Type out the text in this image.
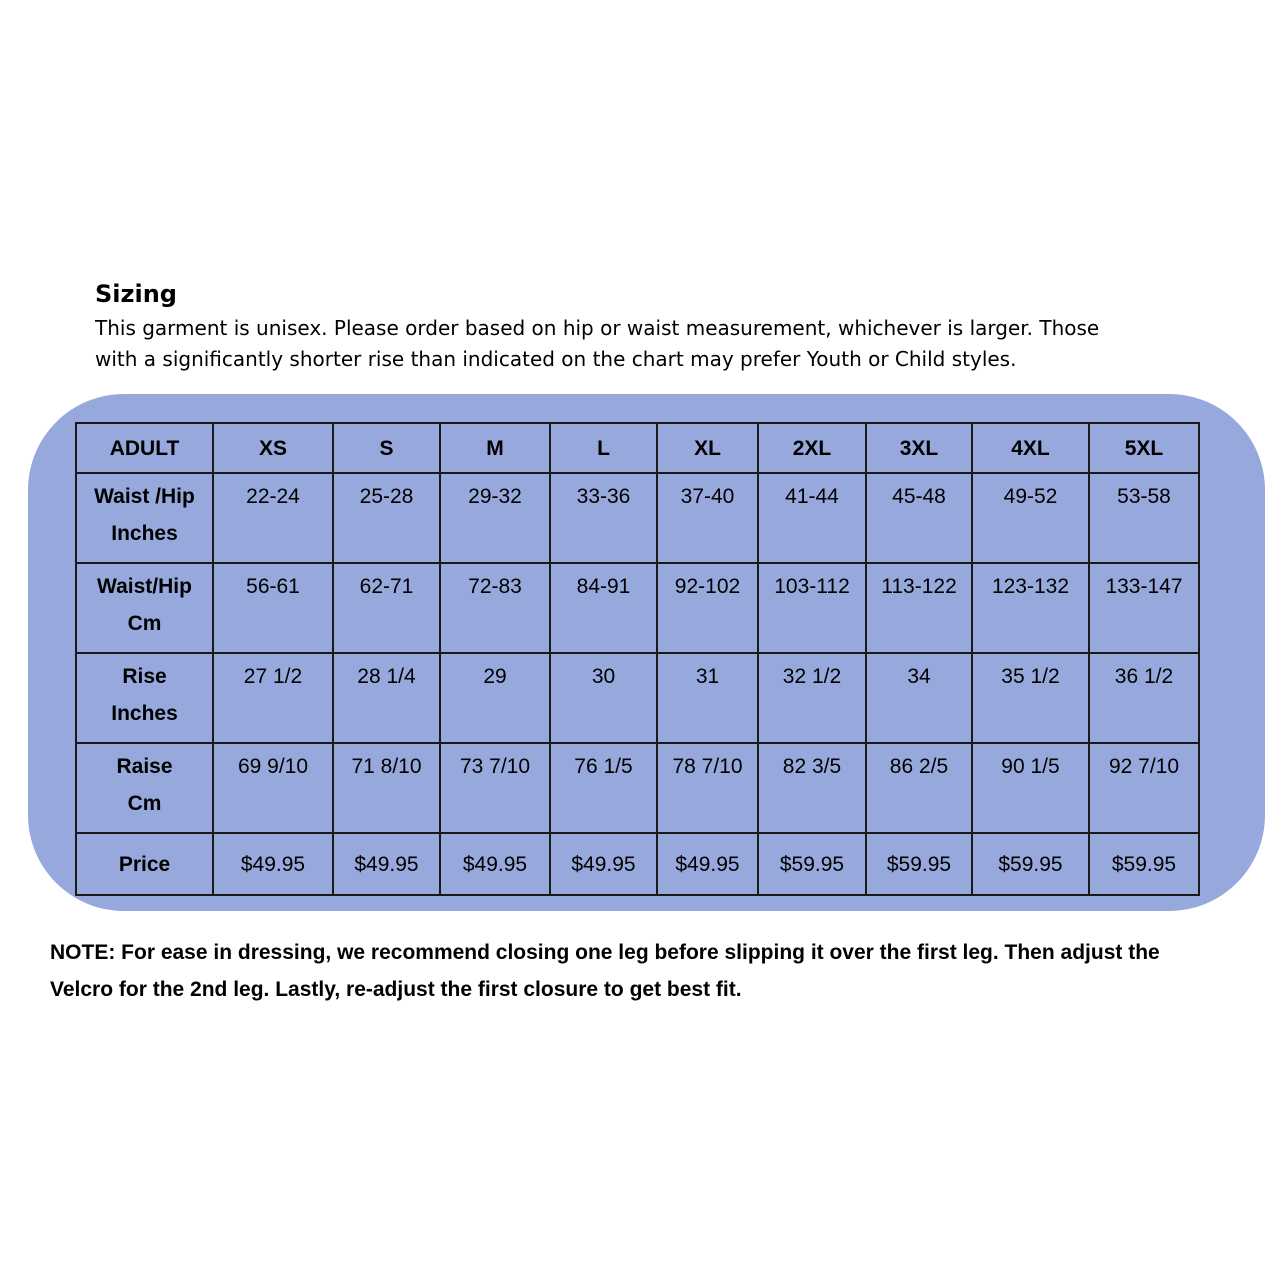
Sizing

This garment is unisex. Please order based on hip or waist measurement, whichever is larger. Those
with a significantly shorter rise than indicated on the chart may prefer Youth or Child styles.

ADULT	XS	S	M	L	XL	2XL	3XL	4XL	5XL
Waist /Hip
Inches	22-24	25-28	29-32	33-36	37-40	41-44	45-48	49-52	53-58
Waist/Hip
Cm	56-61	62-71	72-83	84-91	92-102	103-112	113-122	123-132	133-147
Rise
Inches	27 1/2	28 1/4	29	30	31	32 1/2	34	35 1/2	36 1/2
Raise
Cm	69 9/10	71 8/10	73 7/10	76 1/5	78 7/10	82 3/5	86 2/5	90 1/5	92 7/10
Price	$49.95	$49.95	$49.95	$49.95	$49.95	$59.95	$59.95	$59.95	$59.95

NOTE: For ease in dressing, we recommend closing one leg before slipping it over the first leg. Then adjust the
Velcro for the 2nd leg. Lastly, re-adjust the first closure to get best fit.
